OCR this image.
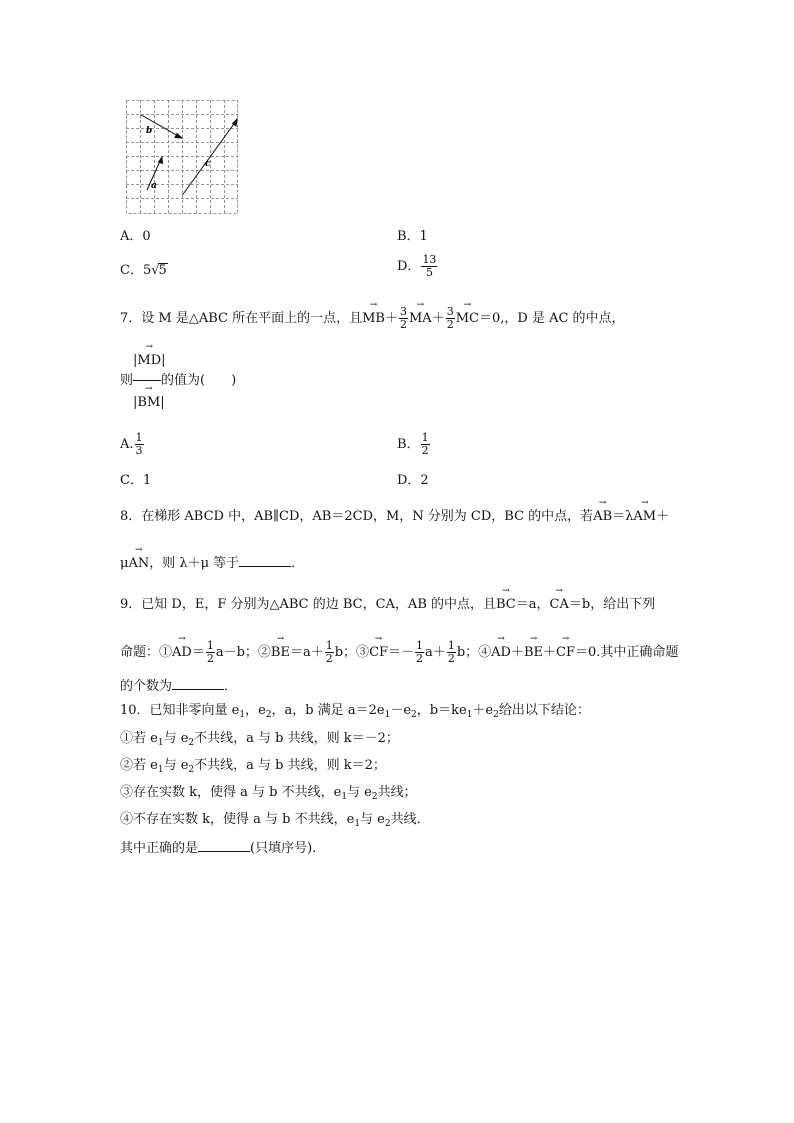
b
a
c
A．0	B．1
C．5√5	D． $\frac{13}{5}$
7．设 M 是△ABC 所在平面上的一点，且→ $MB+ \frac{3}{2}$
→ $MA+ \frac{3}{2}$
→ MC＝0,，D 是 AC 的中点，
|→ MD|
则 的值为(　　)
|→ BM|
A. $\frac{1}{3}$	B． $\frac{1}{2}$
C．1	D．2
8．在梯形 ABCD 中，AB∥CD，AB＝2CD，M，N 分别为 CD，BC 的中点，若→ AB＝λ→ AM＋
μ→ AN，则 λ＋μ 等于	．
9．已知 D，E，F 分别为△ABC 的边 BC，CA，AB 的中点，且→ BC＝a，→ CA＝b，给出下列
命题：①→ $AD= \frac{1}{2} a-b$；②→ $BE=a+ \frac{1}{2}$ b；③→ $CF=- \frac{1}{2} a+ \frac{1}{2}$ b；④→ AD＋→ BE＋→ CF＝0.其中正确命题
的个数为	．
10．已知非零向量 $e_1$，$e_2$，a，b 满足 $a=2e_1-e_2$，$b=ke_1+e_2$给出以下结论：
①若 $e_1$与 $e_2$不共线，a 与 b 共线，则 k＝－2；
②若 $e_1$与 $e_2$不共线，a 与 b 共线，则 k＝2；
③存在实数 k，使得 a 与 b 不共线，$e_1$与 $e_2$共线；
④不存在实数 k，使得 a 与 b 不共线，$e_1$与 $e_2$共线．
其中正确的是	(只填序号).
